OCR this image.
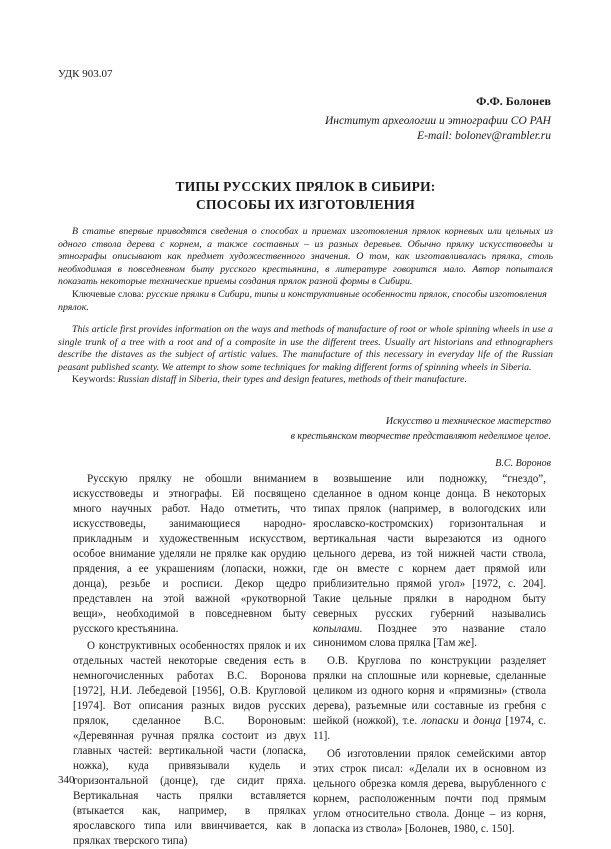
УДК 903.07
Ф.Ф. Болонев
Институт археологии и этнографии СО РАН
E-mail: bolonev@rambler.ru
ТИПЫ РУССКИХ ПРЯЛОК В СИБИРИ:
СПОСОБЫ ИХ ИЗГОТОВЛЕНИЯ

В статье впервые приводятся сведения о способах и приемах изготовления прялок корневых или цельных из одного ствола дерева с корнем, а также составных – из разных деревьев. Обычно прялку искусствоведы и этнографы описывают как предмет художественного значения. О том, как изготавливалась прялка, столь необходимая в повседневном быту русского крестьянина, в литературе говорится мало. Автор попытался показать некоторые технические приемы создания прялок разной формы в Сибири.

Ключевые слова: русские прялки в Сибири, типы и конструктивные особенности прялок, способы изготовления прялок.

This article first provides information on the ways and methods of manufacture of root or whole spinning wheels in use a single trunk of a tree with a root and of a composite in use the different trees. Usually art historians and ethnographers describe the distaves as the subject of artistic values. The manufacture of this necessary in everyday life of the Russian peasant published scanty. We attempt to show some techniques for making different forms of spinning wheels in Siberia.

Keywords: Russian distaff in Siberia, their types and design features, methods of their manufacture.

Искусство и техническое мастерство

в крестьянском творчестве представляют неделимое целое.

В.С. Воронов

Русскую прялку не обошли вниманием искусствоведы и этнографы. Ей посвящено много научных работ. Надо отметить, что искусствоведы, занимающиеся народно-прикладным и художественным искусством, особое внимание уделяли не прялке как орудию прядения, а ее украшениям (лопаски, ножки, донца), резьбе и росписи. Декор щедро представлен на этой важной «рукотворной вещи», необходимой в повседневном быту русского крестьянина.

О конструктивных особенностях прялок и их отдельных частей некоторые сведения есть в немногочисленных работах В.С. Воронова [1972], Н.И. Лебедевой [1956], О.В. Кругловой [1974]. Вот описания разных видов русских прялок, сделанное В.С. Вороновым: «Деревянная ручная прялка состоит из двух главных частей: вертикальной части (лопаска, ножка), куда привязывали кудель и горизонтальной (донце), где сидит пряха. Вертикальная часть прялки вставляется (втыкается как, например, в прялках ярославского типа или ввинчивается, как в прялках тверского типа)

в возвышение или подножку, “гнездо”, сделанное в одном конце донца. В некоторых типах прялок (например, в вологодских или ярославско-костромских) горизонтальная и вертикальная части вырезаются из одного цельного дерева, из той нижней части ствола, где он вместе с корнем дает прямой или приблизительно прямой угол» [1972, с. 204]. Такие цельные прялки в народном быту северных русских губерний назывались копылами. Позднее это название стало синонимом слова прялка [Там же].

О.В. Круглова по конструкции разделяет прялки на сплошные или корневые, сделанные целиком из одного корня и «прямизны» (ствола дерева), разъемные или составные из гребня с шейкой (ножкой), т.е. лопаски и донца [1974, с. 11].

Об изготовлении прялок семейскими автор этих строк писал: «Делали их в основном из цельного обрезка комля дерева, вырубленного с корнем, расположенным почти под прямым углом относительно ствола. Донце – из корня, лопаска из ствола» [Болонев, 1980, с. 150].

340
